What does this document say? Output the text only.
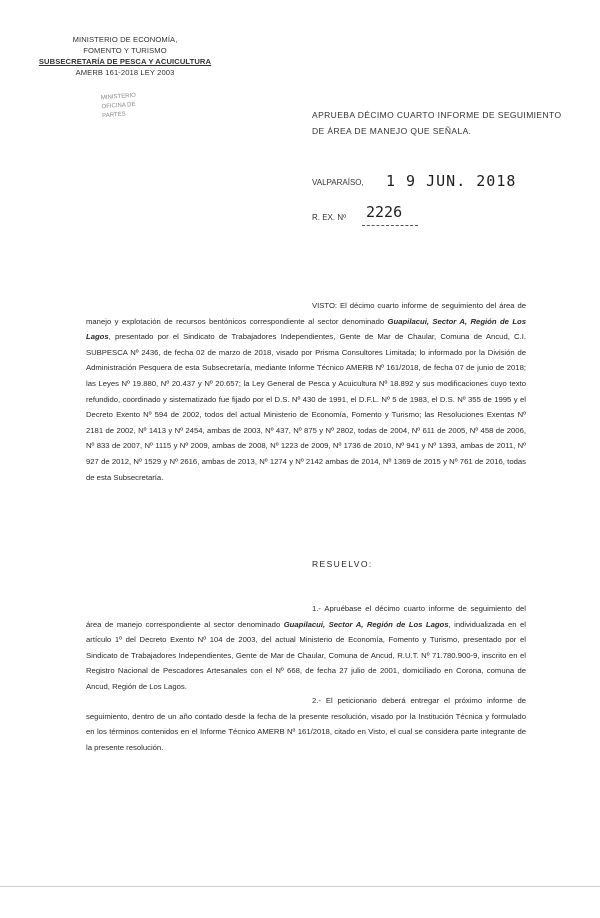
MINISTERIO DE ECONOMÍA,
FOMENTO Y TURISMO
SUBSECRETARÍA DE PESCA Y ACUICULTURA
AMERB 161-2018 LEY 2003
MINISTERIO
OFICINA DE
PARTES	APRUEBA DÉCIMO CUARTO INFORME DE SEGUIMIENTO DE ÁREA DE MANEJO QUE SEÑALA.
VALPARAÍSO, 1 9 JUN. 2018
R. EX. Nº 2226
VISTO: El décimo cuarto informe de seguimiento del área de manejo y explotación de recursos bentónicos correspondiente al sector denominado Guapilacui, Sector A, Región de Los Lagos, presentado por el Sindicato de Trabajadores Independientes, Gente de Mar de Chaular, Comuna de Ancud, C.I. SUBPESCA Nº 2436, de fecha 02 de marzo de 2018, visado por Prisma Consultores Limitada; lo informado por la División de Administración Pesquera de esta Subsecretaría, mediante Informe Técnico AMERB Nº 161/2018, de fecha 07 de junio de 2018; las Leyes Nº 19.880, Nº 20.437 y Nº 20.657; la Ley General de Pesca y Acuicultura Nº 18.892 y sus modificaciones cuyo texto refundido, coordinado y sistematizado fue fijado por el D.S. Nº 430 de 1991, el D.F.L. Nº 5 de 1983, el D.S. Nº 355 de 1995 y el Decreto Exento Nº 594 de 2002, todos del actual Ministerio de Economía, Fomento y Turismo; las Resoluciones Exentas Nº 2181 de 2002, Nº 1413 y Nº 2454, ambas de 2003, Nº 437, Nº 875 y Nº 2802, todas de 2004, Nº 611 de 2005, Nº 458 de 2006, Nº 833 de 2007, Nº 1115 y Nº 2009, ambas de 2008, Nº 1223 de 2009, Nº 1736 de 2010, Nº 941 y Nº 1393, ambas de 2011, Nº 927 de 2012, Nº 1529 y Nº 2616, ambas de 2013, Nº 1274 y Nº 2142 ambas de 2014, Nº 1369 de 2015 y Nº 761 de 2016, todas de esta Subsecretaría.
RESUELVO:
1.- Apruébase el décimo cuarto informe de seguimiento del área de manejo correspondiente al sector denominado Guapilacui, Sector A, Región de Los Lagos, individualizada en el artículo 1º del Decreto Exento Nº 104 de 2003, del actual Ministerio de Economía, Fomento y Turismo, presentado por el Sindicato de Trabajadores Independientes, Gente de Mar de Chaular, Comuna de Ancud, R.U.T. Nº 71.780.900-9, inscrito en el Registro Nacional de Pescadores Artesanales con el Nº 668, de fecha 27 julio de 2001, domiciliado en Corona, comuna de Ancud, Región de Los Lagos.
2.- El peticionario deberá entregar el próximo informe de seguimiento, dentro de un año contado desde la fecha de la presente resolución, visado por la Institución Técnica y formulado en los términos contenidos en el Informe Técnico AMERB Nº 161/2018, citado en Visto, el cual se considera parte integrante de la presente resolución.
